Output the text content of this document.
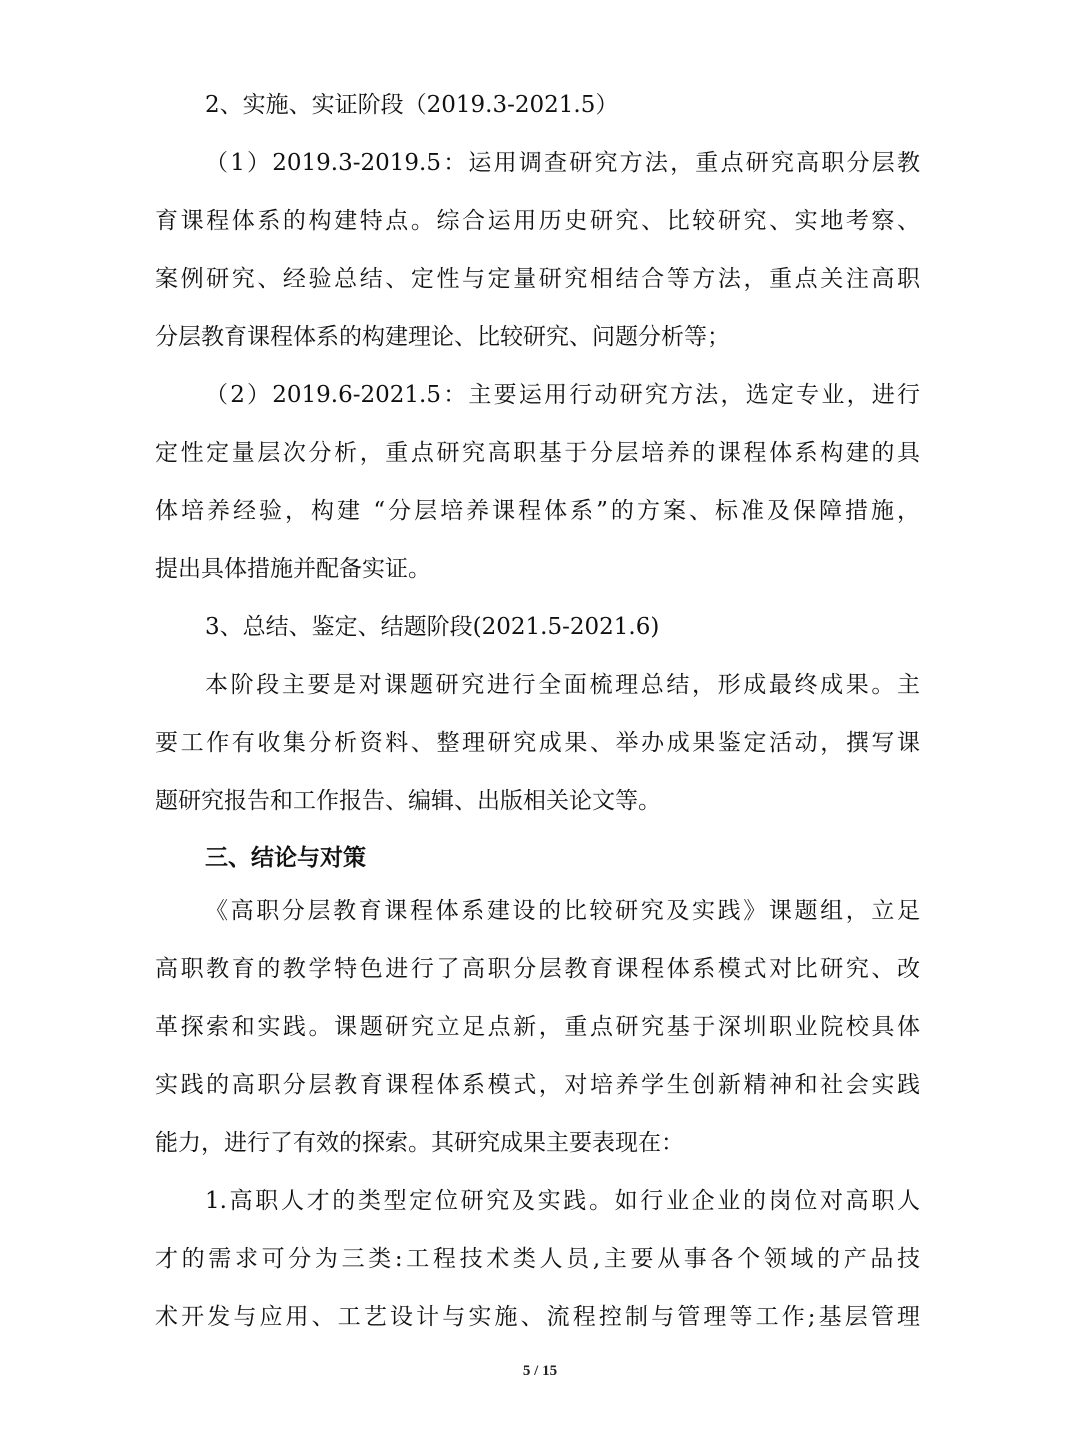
2、实施、实证阶段（2019.3-2021.5）
（1）2019.3-2019.5：运用调查研究方法，重点研究高职分层教
育课程体系的构建特点。综合运用历史研究、比较研究、实地考察、
案例研究、经验总结、定性与定量研究相结合等方法，重点关注高职
分层教育课程体系的构建理论、比较研究、问题分析等；
（2）2019.6-2021.5：主要运用行动研究方法，选定专业，进行
定性定量层次分析，重点研究高职基于分层培养的课程体系构建的具
体培养经验，构建 “分层培养课程体系”的方案、标准及保障措施，
提出具体措施并配备实证。
3、总结、鉴定、结题阶段(2021.5-2021.6)
本阶段主要是对课题研究进行全面梳理总结，形成最终成果。主
要工作有收集分析资料、整理研究成果、举办成果鉴定活动，撰写课
题研究报告和工作报告、编辑、出版相关论文等。
三、结论与对策
《高职分层教育课程体系建设的比较研究及实践》课题组，立足
高职教育的教学特色进行了高职分层教育课程体系模式对比研究、改
革探索和实践。课题研究立足点新，重点研究基于深圳职业院校具体
实践的高职分层教育课程体系模式，对培养学生创新精神和社会实践
能力，进行了有效的探索。其研究成果主要表现在：
1.高职人才的类型定位研究及实践。如行业企业的岗位对高职人
才的需求可分为三类:工程技术类人员,主要从事各个领域的产品技
术开发与应用、工艺设计与实施、流程控制与管理等工作;基层管理
5 / 15
